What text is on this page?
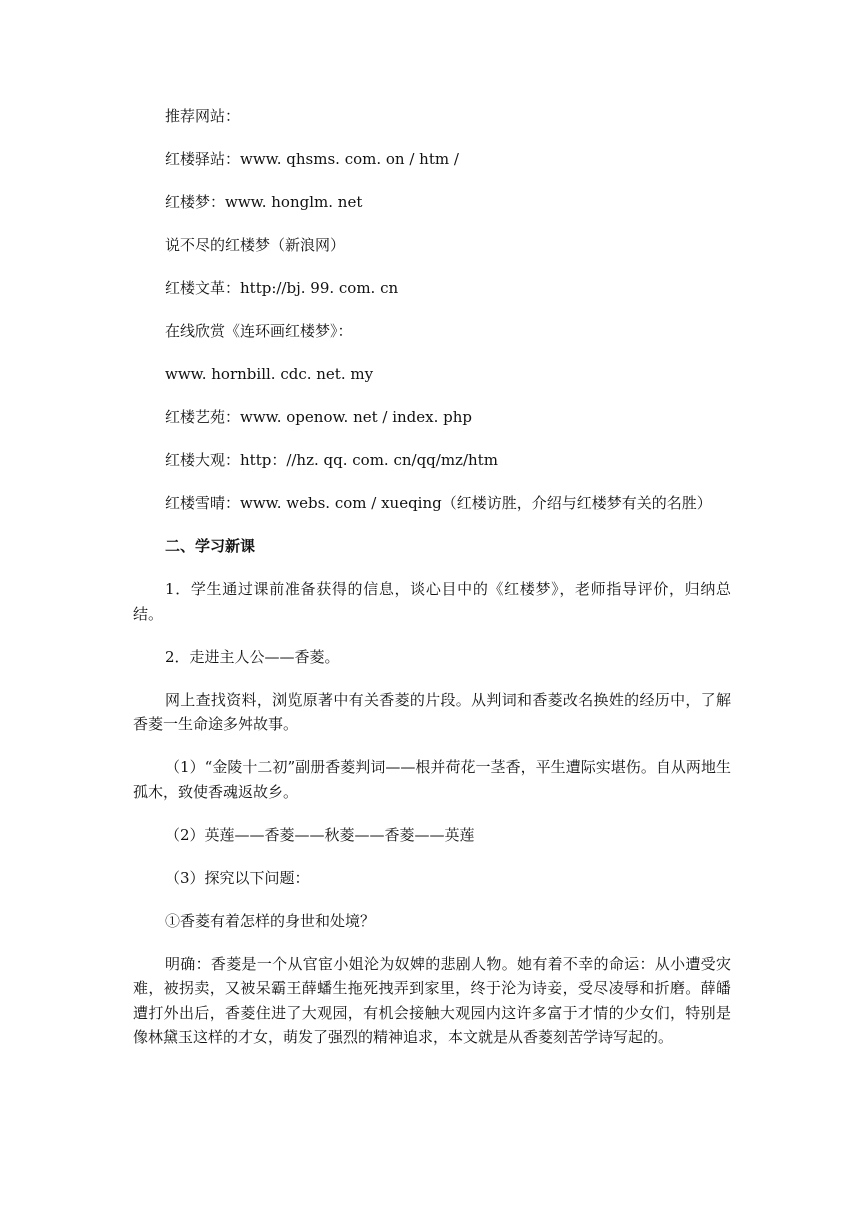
推荐网站：

红楼驿站：www. qhsms. com. on / htm /

红楼梦：www. honglm. net

说不尽的红楼梦（新浪网）

红楼文革：http://bj. 99. com. cn

在线欣赏《连环画红楼梦》：

www. hornbill. cdc. net. my

红楼艺苑：www. openow. net / index. php

红楼大观：http：//hz. qq. com. cn/qq/mz/htm

红楼雪晴：www. webs. com / xueqing（红楼访胜，介绍与红楼梦有关的名胜）

二、学习新课

1．学生通过课前准备获得的信息，谈心目中的《红楼梦》，老师指导评价，归纳总结。

2．走进主人公——香菱。

网上查找资料，浏览原著中有关香菱的片段。从判词和香菱改名换姓的经历中，了解香菱一生命途多舛故事。

（1）“金陵十二初”副册香菱判词——根并荷花一茎香，平生遭际实堪伤。自从两地生孤木，致使香魂返故乡。

（2）英莲——香菱——秋菱——香菱——英莲

（3）探究以下问题：

①香菱有着怎样的身世和处境？

明确：香菱是一个从官宦小姐沦为奴婢的悲剧人物。她有着不幸的命运：从小遭受灾难，被拐卖，又被呆霸王薛蟠生拖死拽弄到家里，终于沦为诗妾，受尽凌辱和折磨。薛皤遭打外出后，香菱住进了大观园，有机会接触大观园内这许多富于才情的少女们，特别是像林黛玉这样的才女，萌发了强烈的精神追求，本文就是从香菱刻苦学诗写起的。
